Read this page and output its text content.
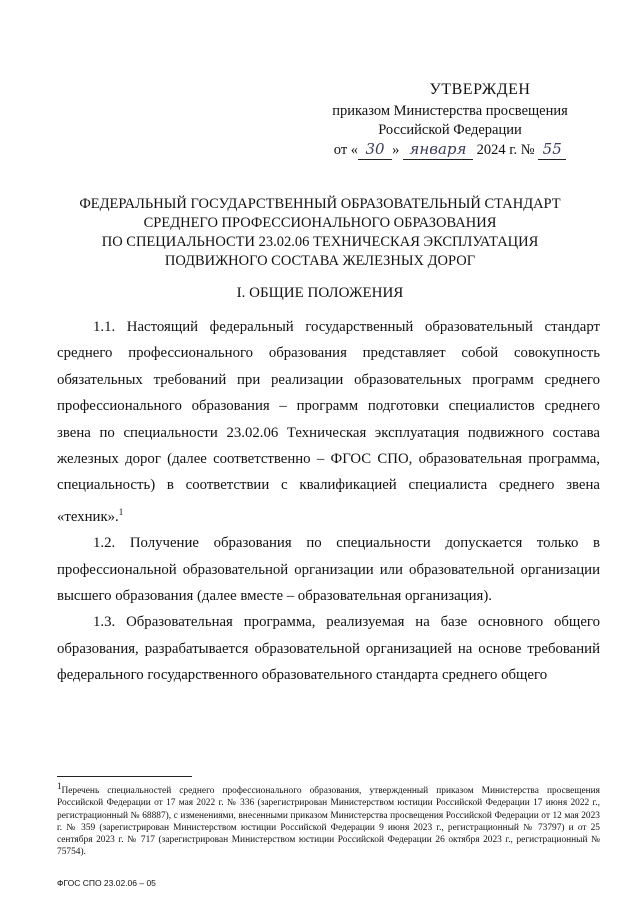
УТВЕРЖДЕН
приказом Министерства просвещения
Российской Федерации
от « 30 » января 2024 г. № 55
ФЕДЕРАЛЬНЫЙ ГОСУДАРСТВЕННЫЙ ОБРАЗОВАТЕЛЬНЫЙ СТАНДАРТ
СРЕДНЕГО ПРОФЕССИОНАЛЬНОГО ОБРАЗОВАНИЯ
ПО СПЕЦИАЛЬНОСТИ 23.02.06 ТЕХНИЧЕСКАЯ ЭКСПЛУАТАЦИЯ
ПОДВИЖНОГО СОСТАВА ЖЕЛЕЗНЫХ ДОРОГ
I. ОБЩИЕ ПОЛОЖЕНИЯ

1.1. Настоящий федеральный государственный образовательный стандарт среднего профессионального образования представляет собой совокупность обязательных требований при реализации образовательных программ среднего профессионального образования – программ подготовки специалистов среднего звена по специальности 23.02.06 Техническая эксплуатация подвижного состава железных дорог (далее соответственно – ФГОС СПО, образовательная программа, специальность) в соответствии с квалификацией специалиста среднего звена «техник».$^1$

1.2. Получение образования по специальности допускается только в профессиональной образовательной организации или образовательной организации высшего образования (далее вместе – образовательная организация).

1.3. Образовательная программа, реализуемая на базе основного общего образования, разрабатывается образовательной организацией на основе требований федерального государственного образовательного стандарта среднего общего

$^1$Перечень специальностей среднего профессионального образования, утвержденный приказом Министерства просвещения Российской Федерации от 17 мая 2022 г. № 336 (зарегистрирован Министерством юстиции Российской Федерации 17 июня 2022 г., регистрационный № 68887), с изменениями, внесенными приказом Министерства просвещения Российской Федерации от 12 мая 2023 г. № 359 (зарегистрирован Министерством юстиции Российской Федерации 9 июня 2023 г., регистрационный № 73797) и от 25 сентября 2023 г. № 717 (зарегистрирован Министерством юстиции Российской Федерации 26 октября 2023 г., регистрационный № 75754).
ФГОС СПО 23.02.06 – 05
